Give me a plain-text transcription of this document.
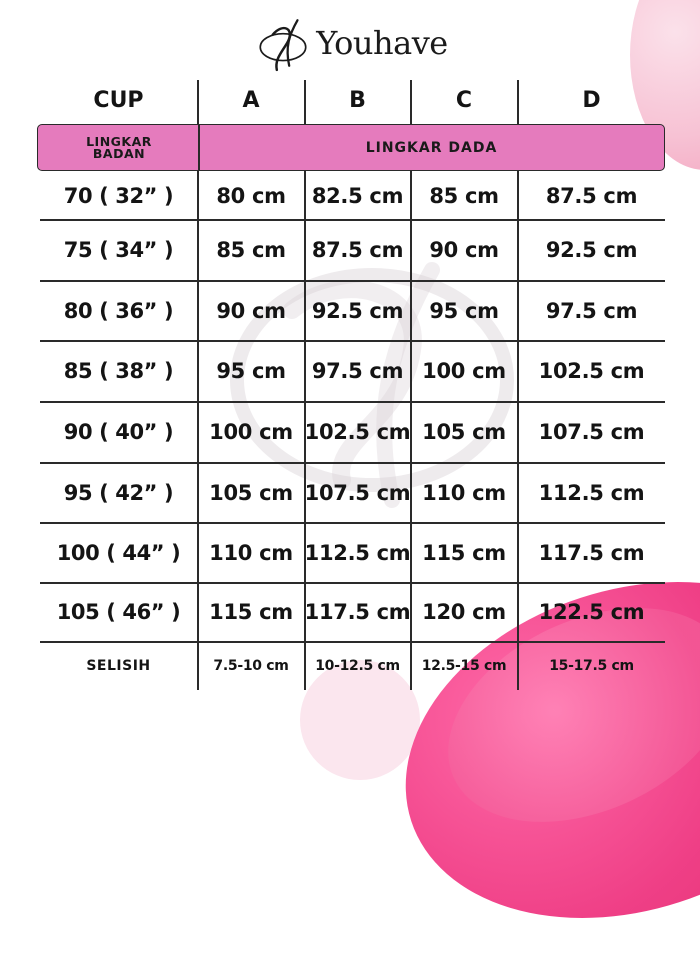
Youhave
CUP	A	B	C	D
LINGKAR
BADAN	LINGKAR DADA
70 ( 32” )	80 cm	82.5 cm	85 cm	87.5 cm
75 ( 34” )	85 cm	87.5 cm	90 cm	92.5 cm
80 ( 36” )	90 cm	92.5 cm	95 cm	97.5 cm
85 ( 38” )	95 cm	97.5 cm 100 cm	102.5 cm
90 ( 40” )	100 cm 102.5 cm 105 cm	107.5 cm
95 ( 42” )	105 cm 107.5 cm 110 cm	112.5 cm
100 ( 44” )	110 cm 112.5 cm 115 cm	117.5 cm
105 ( 46” )	115 cm 117.5 cm 120 cm	122.5 cm
SELISIH	7.5-10 cm	10-12.5 cm	12.5-15 cm	15-17.5 cm
